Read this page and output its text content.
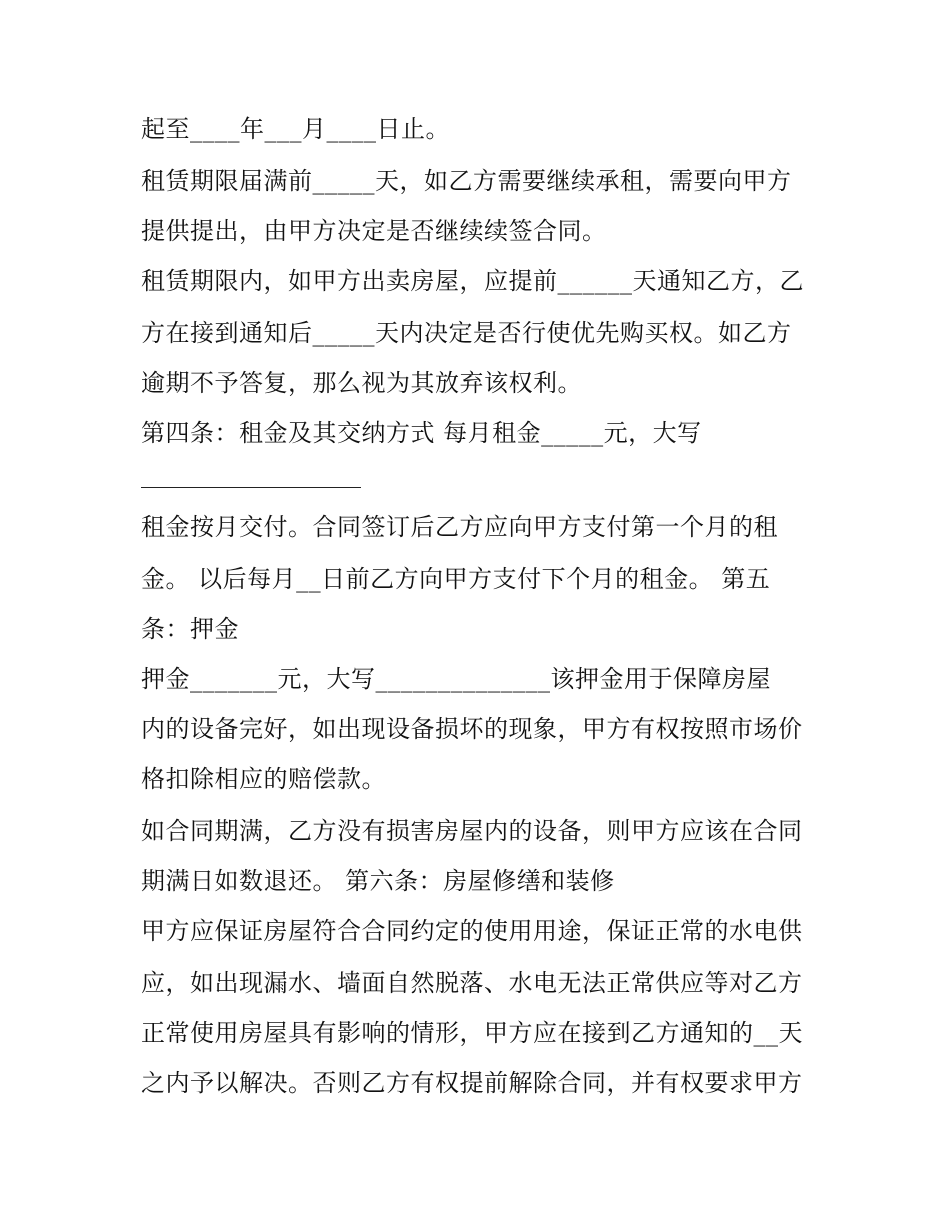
起至____年___月____日止。
租赁期限届满前_____天，如乙方需要继续承租，需要向甲方
提供提出，由甲方决定是否继续续签合同。
租赁期限内，如甲方出卖房屋，应提前______天通知乙方，乙
方在接到通知后_____天内决定是否行使优先购买权。如乙方
逾期不予答复，那么视为其放弃该权利。
第四条：租金及其交纳方式 每月租金_____元，大写
租金按月交付。合同签订后乙方应向甲方支付第一个月的租
金。 以后每月__日前乙方向甲方支付下个月的租金。 第五
条：押金
押金_______元，大写______________该押金用于保障房屋
内的设备完好，如出现设备损坏的现象，甲方有权按照市场价
格扣除相应的赔偿款。
如合同期满，乙方没有损害房屋内的设备，则甲方应该在合同
期满日如数退还。 第六条：房屋修缮和装修
甲方应保证房屋符合合同约定的使用用途，保证正常的水电供
应，如出现漏水、墙面自然脱落、水电无法正常供应等对乙方
正常使用房屋具有影响的情形，甲方应在接到乙方通知的__天
之内予以解决。否则乙方有权提前解除合同，并有权要求甲方
